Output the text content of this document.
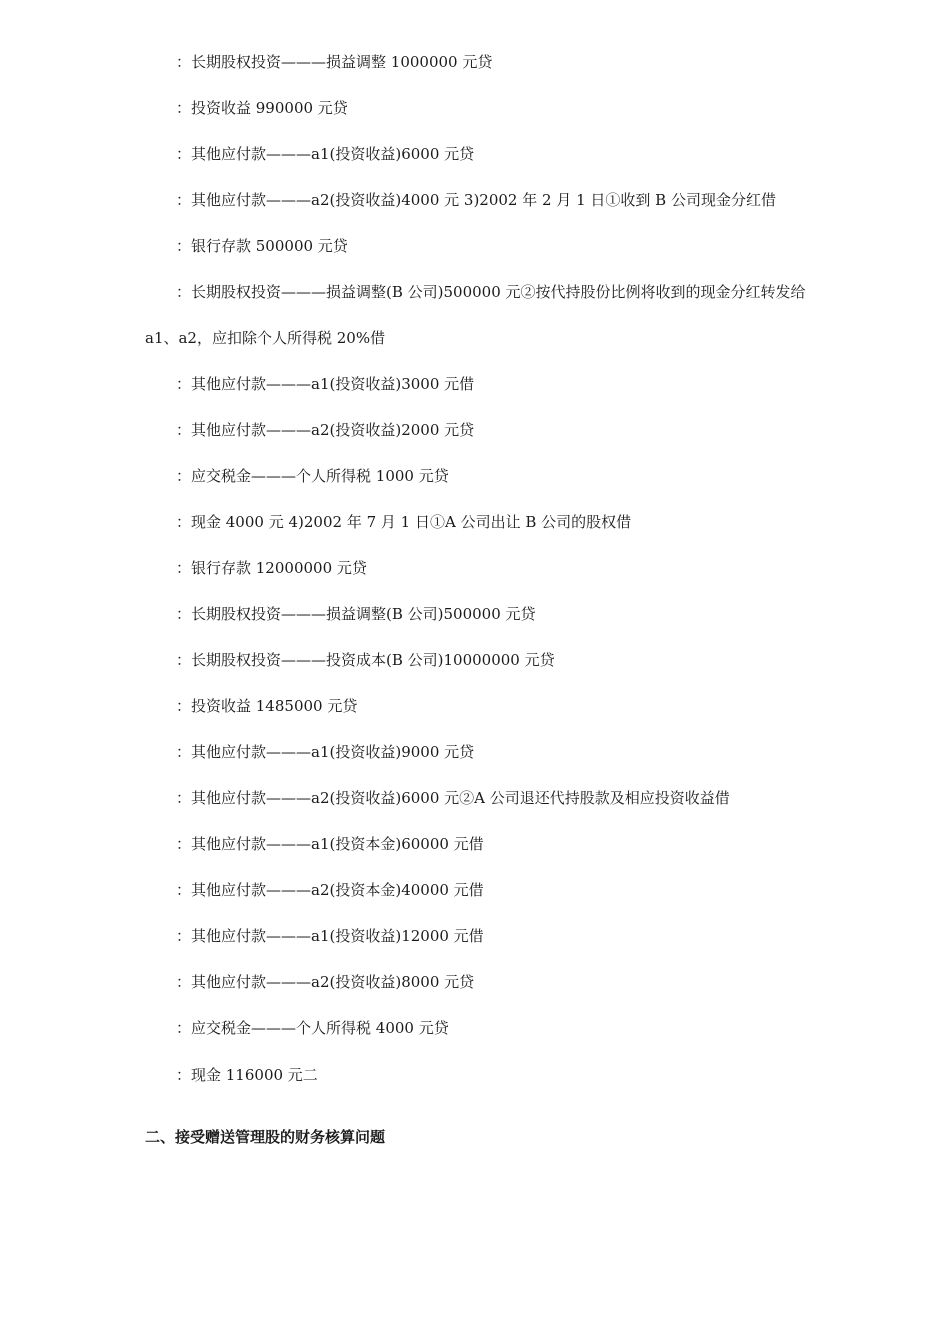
：长期股权投资———损益调整 1000000 元贷
：投资收益 990000 元贷
：其他应付款———a1(投资收益)6000 元贷
：其他应付款———a2(投资收益)4000 元 3)2002 年 2 月 1 日①收到 B 公司现金分红借
：银行存款 500000 元贷
：长期股权投资———损益调整(B 公司)500000 元②按代持股份比例将收到的现金分红转发给
a1、a2，应扣除个人所得税 20%借
：其他应付款———a1(投资收益)3000 元借
：其他应付款———a2(投资收益)2000 元贷
：应交税金———个人所得税 1000 元贷
：现金 4000 元 4)2002 年 7 月 1 日①A 公司出让 B 公司的股权借
：银行存款 12000000 元贷
：长期股权投资———损益调整(B 公司)500000 元贷
：长期股权投资———投资成本(B 公司)10000000 元贷
：投资收益 1485000 元贷
：其他应付款———a1(投资收益)9000 元贷
：其他应付款———a2(投资收益)6000 元②A 公司退还代持股款及相应投资收益借
：其他应付款———a1(投资本金)60000 元借
：其他应付款———a2(投资本金)40000 元借
：其他应付款———a1(投资收益)12000 元借
：其他应付款———a2(投资收益)8000 元贷
：应交税金———个人所得税 4000 元贷
：现金 116000 元二
二、接受赠送管理股的财务核算问题
